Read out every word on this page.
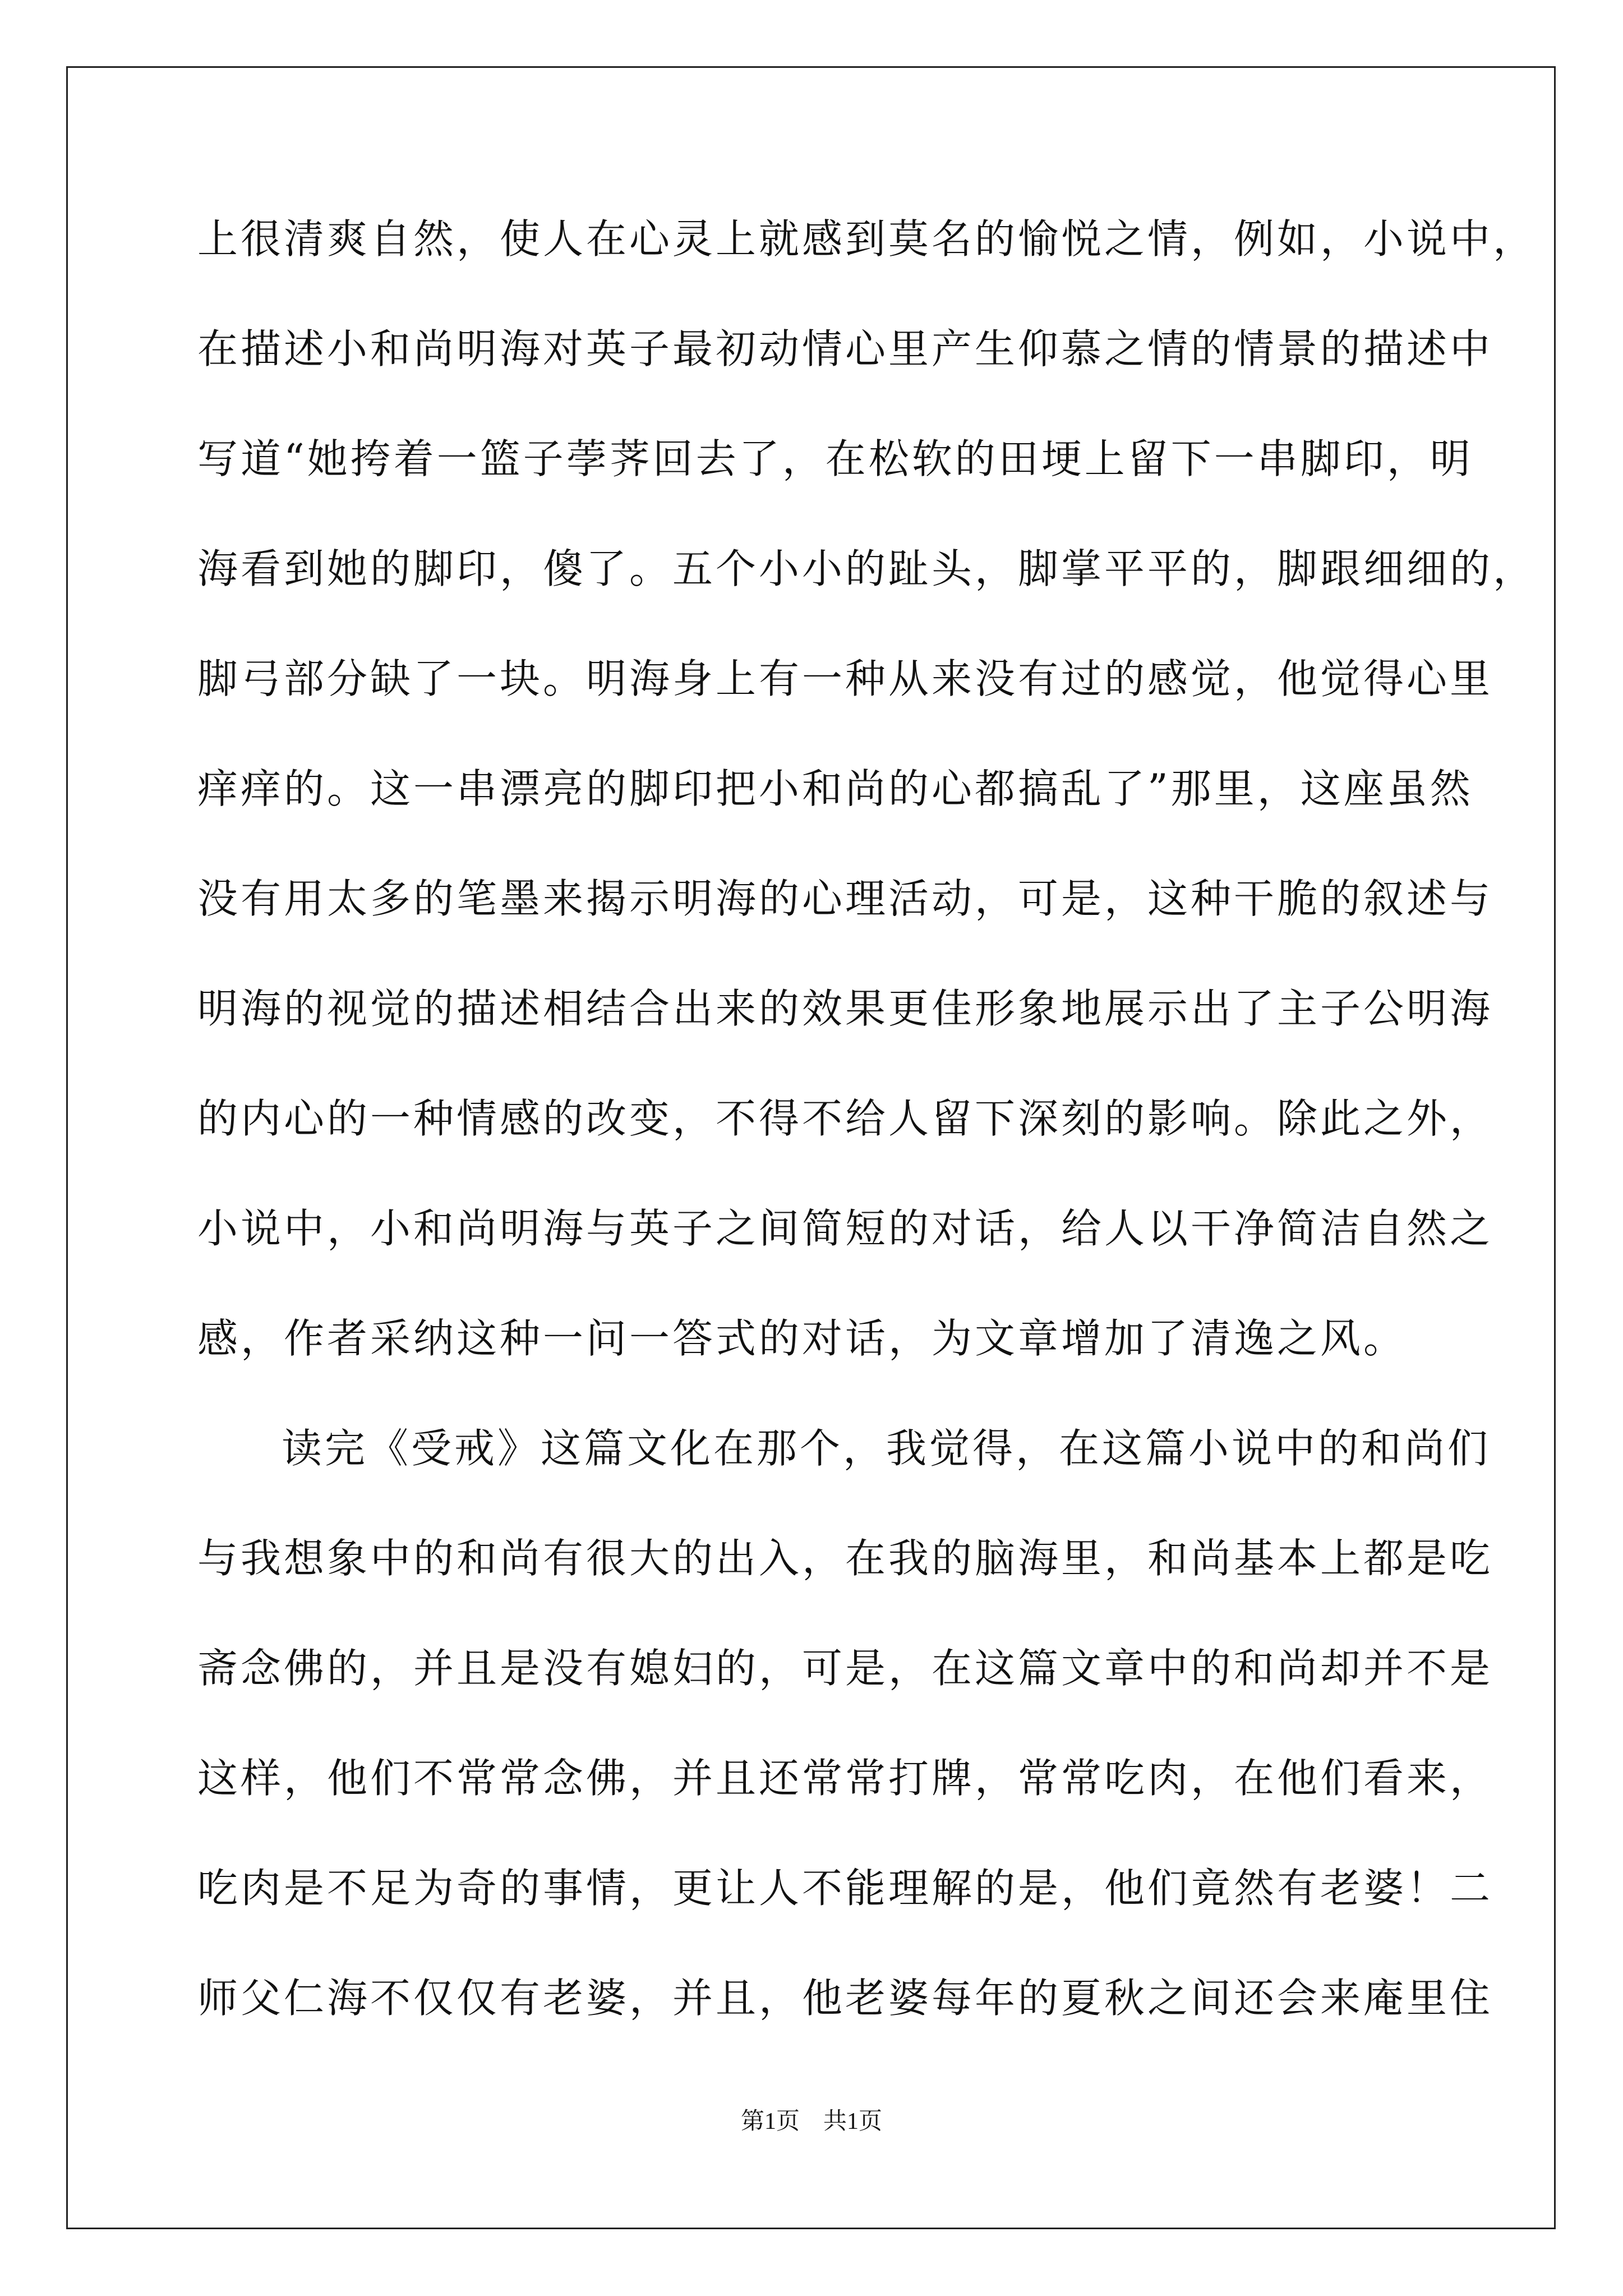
上很清爽自然，使人在心灵上就感到莫名的愉悦之情，例如，小说中，
在描述小和尚明海对英子最初动情心里产生仰慕之情的情景的描述中
写道“她挎着一篮子荸荠回去了，在松软的田埂上留下一串脚印，明
海看到她的脚印，傻了。五个小小的趾头，脚掌平平的，脚跟细细的，
脚弓部分缺了一块。明海身上有一种从来没有过的感觉，他觉得心里
痒痒的。这一串漂亮的脚印把小和尚的心都搞乱了”那里，这座虽然
没有用太多的笔墨来揭示明海的心理活动，可是，这种干脆的叙述与
明海的视觉的描述相结合出来的效果更佳形象地展示出了主子公明海
的内心的一种情感的改变，不得不给人留下深刻的影响。除此之外，
小说中，小和尚明海与英子之间简短的对话，给人以干净简洁自然之
感，作者采纳这种一问一答式的对话，为文章增加了清逸之风。
读完《受戒》这篇文化在那个，我觉得，在这篇小说中的和尚们
与我想象中的和尚有很大的出入，在我的脑海里，和尚基本上都是吃
斋念佛的，并且是没有媳妇的，可是，在这篇文章中的和尚却并不是
这样，他们不常常念佛，并且还常常打牌，常常吃肉，在他们看来，
吃肉是不足为奇的事情，更让人不能理解的是，他们竟然有老婆！二
师父仁海不仅仅有老婆，并且，他老婆每年的夏秋之间还会来庵里住
第1页　共1页
